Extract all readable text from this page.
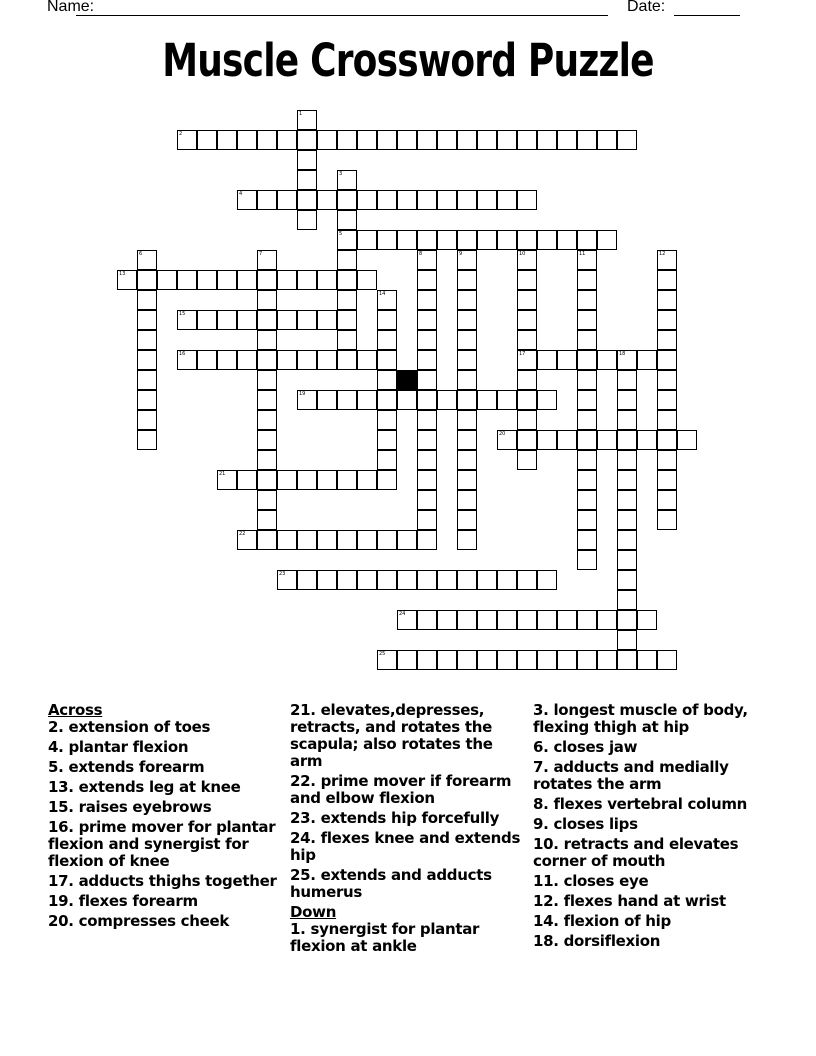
Name:	Date:
Muscle Crossword Puzzle
2
4
5
13
15
16	17	18
19
20
21
22
23
24
25
1
3
6	7	8	9	10	11	12
14
Across
2. extension of toes
4. plantar flexion
5. extends forearm
13. extends leg at knee
15. raises eyebrows
16. prime mover for plantar flexion and synergist for flexion of knee
17. adducts thighs together
19. flexes forearm
20. compresses cheek
21. elevates,depresses, retracts, and rotates the scapula; also rotates the arm
22. prime mover if forearm and elbow flexion
23. extends hip forcefully
24. flexes knee and extends hip
25. extends and adducts humerus
Down
1. synergist for plantar flexion at ankle
3. longest muscle of body, flexing thigh at hip
6. closes jaw
7. adducts and medially rotates the arm
8. flexes vertebral column
9. closes lips
10. retracts and elevates corner of mouth
11. closes eye
12. flexes hand at wrist
14. flexion of hip
18. dorsiflexion
